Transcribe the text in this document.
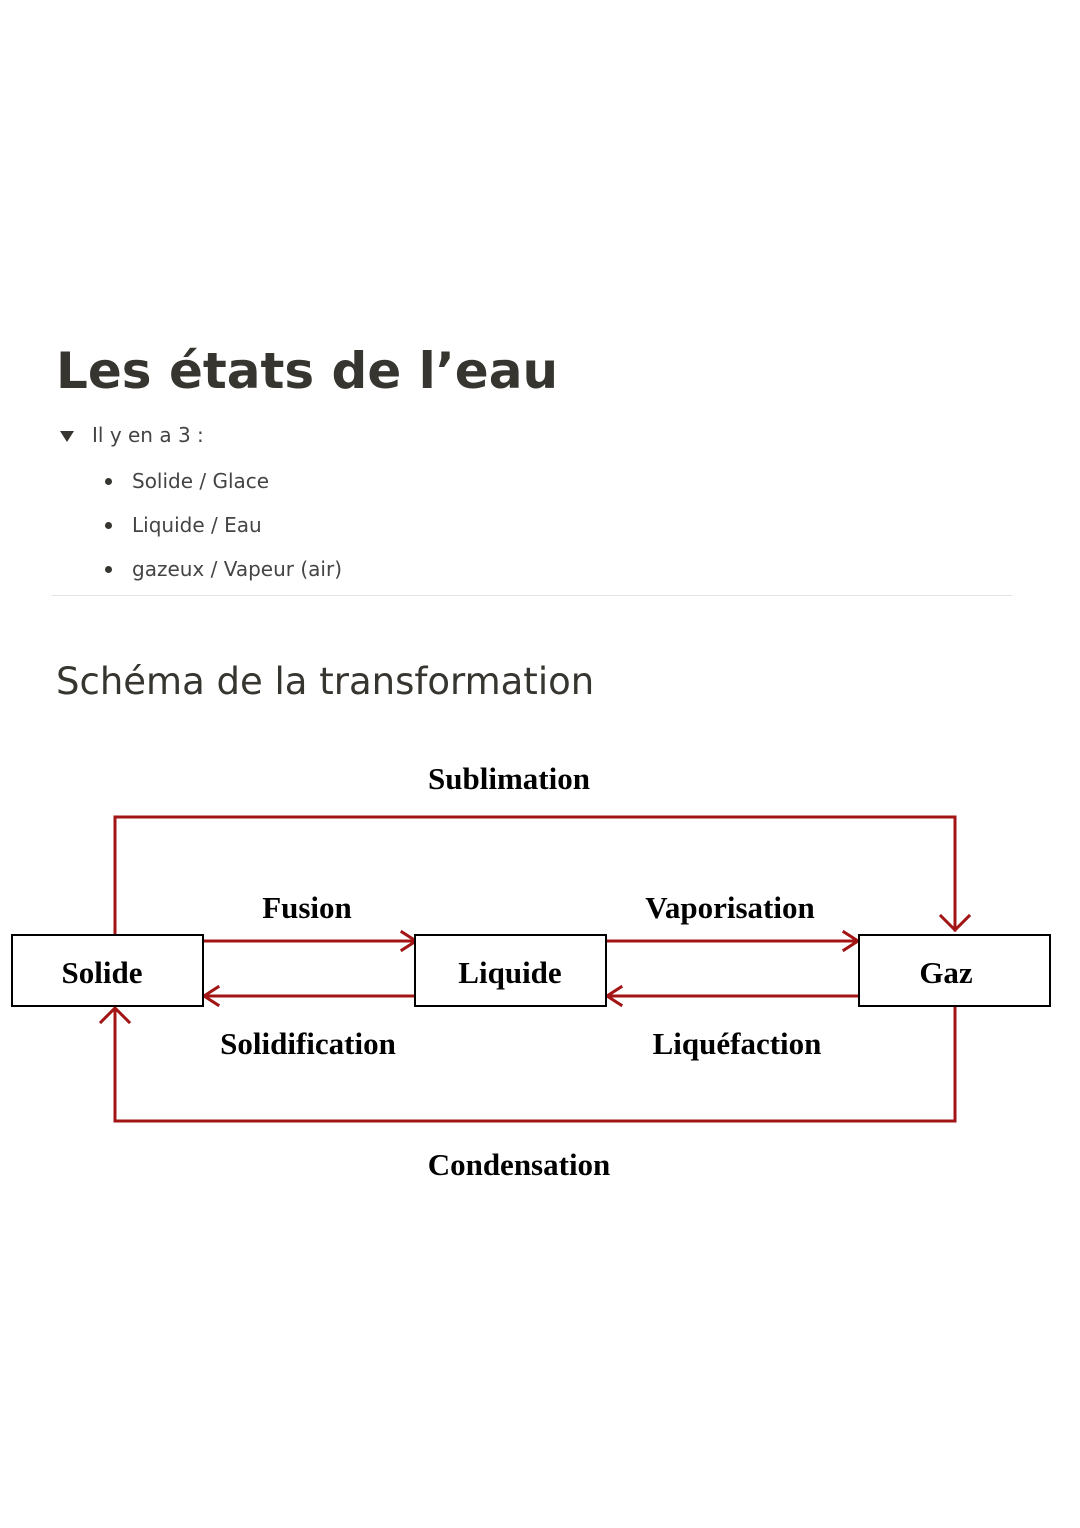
Les états de l’eau
Il y en a 3 :
Solide / Glace
Liquide / Eau
gazeux / Vapeur (air)
Schéma de la transformation
Solide	Liquide	Gaz
Sublimation
Fusion	Vaporisation
Solidification	Liquéfaction
Condensation
